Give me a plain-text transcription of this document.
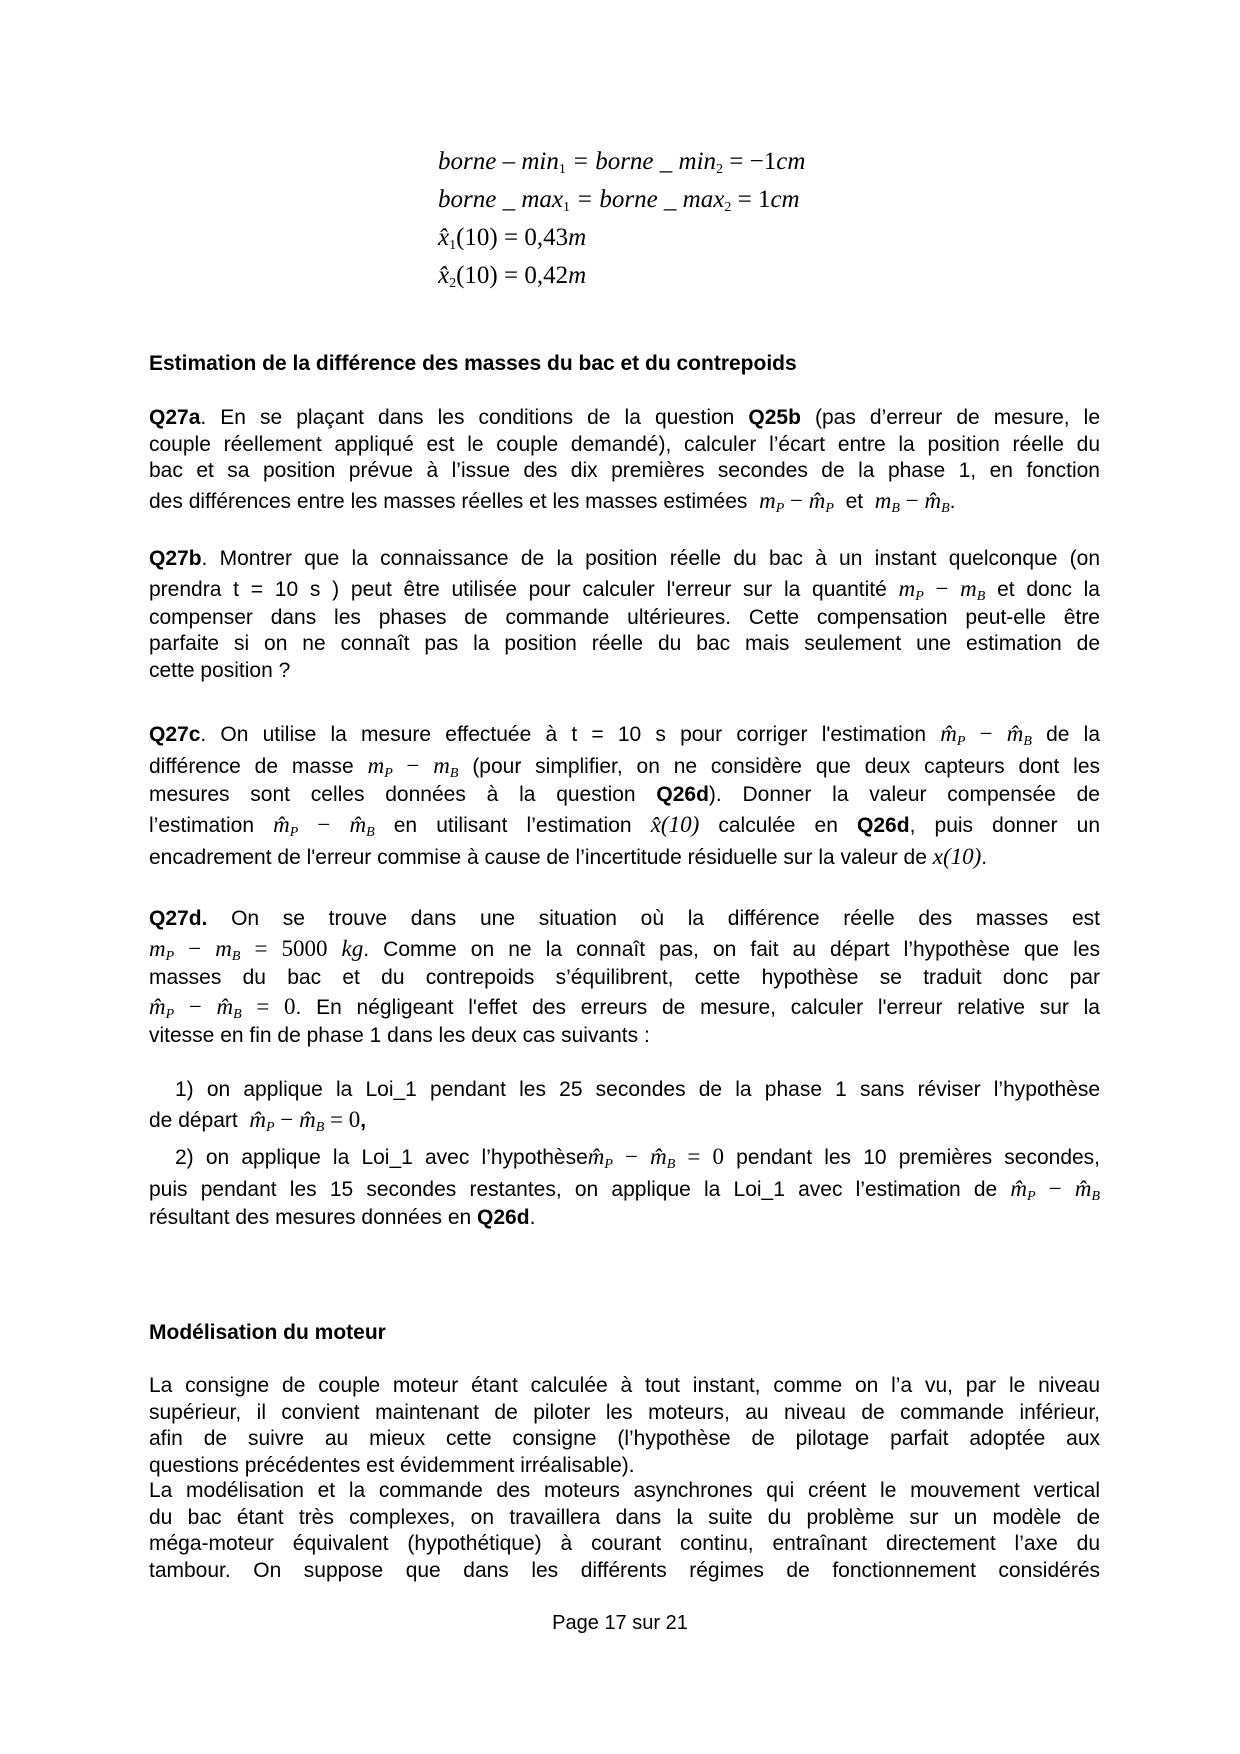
borne – $\min_1$ = borne _ $\min_2 = -1cm$
borne _ $\max_1$ = borne _ $\max_2 = 1cm$
$x̂_1(10) = 0,43m$
$x̂_2(10) = 0,42m$
Estimation de la différence des masses du bac et du contrepoids
Q27a. En se plaçant dans les conditions de la question Q25b (pas d’erreur de mesure, le
couple réellement appliqué est le couple demandé), calculer l’écart entre la position réelle du
bac et sa position prévue à l’issue des dix premières secondes de la phase 1, en fonction
des différences entre les masses réelles et les masses estimées $m_P$ − $m̂_P$ et $m_B$ − $m̂_B$.
Q27b. Montrer que la connaissance de la position réelle du bac à un instant quelconque (on
prendra t = 10 s ) peut être utilisée pour calculer l'erreur sur la quantité $m_P - m_B$ et donc la
compenser dans les phases de commande ultérieures. Cette compensation peut-elle être
parfaite si on ne connaît pas la position réelle du bac mais seulement une estimation de
cette position ?
Q27c. On utilise la mesure effectuée à t = 10 s pour corriger l'estimation $m̂_P$ − $m̂_B$ de la
différence de masse $m_P - m_B$ (pour simplifier, on ne considère que deux capteurs dont les
mesures sont celles données à la question Q26d). Donner la valeur compensée de
l’estimation $m̂_P$ − $m̂_B$ en utilisant l’estimation x̂(10) calculée en Q26d, puis donner un
encadrement de l'erreur commise à cause de l’incertitude résiduelle sur la valeur de x(10).
Q27d. On se trouve dans une situation où la différence réelle des masses est
$m_P - m_B = 5000$ kg. Comme on ne la connaît pas, on fait au départ l’hypothèse que les
masses du bac et du contrepoids s’équilibrent, cette hypothèse se traduit donc par
$m̂_P$ − $m̂_B = 0$. En négligeant l'effet des erreurs de mesure, calculer l'erreur relative sur la
vitesse en fin de phase 1 dans les deux cas suivants :
1) on applique la Loi_1 pendant les 25 secondes de la phase 1 sans réviser l’hypothèse
de départ $m̂_P$ − $m̂_B = 0$,
2) on applique la Loi_1 avec $l’hypothèsem̂_P$ − $m̂_B = 0$ pendant les 10 premières secondes,
puis pendant les 15 secondes restantes, on applique la Loi_1 avec l’estimation de $m̂_P$ − $m̂_B$
résultant des mesures données en Q26d.
Modélisation du moteur
La consigne de couple moteur étant calculée à tout instant, comme on l’a vu, par le niveau
supérieur, il convient maintenant de piloter les moteurs, au niveau de commande inférieur,
afin de suivre au mieux cette consigne (l’hypothèse de pilotage parfait adoptée aux
questions précédentes est évidemment irréalisable).
La modélisation et la commande des moteurs asynchrones qui créent le mouvement vertical
du bac étant très complexes, on travaillera dans la suite du problème sur un modèle de
méga-moteur équivalent (hypothétique) à courant continu, entraînant directement l’axe du
tambour. On suppose que dans les différents régimes de fonctionnement considérés
Page 17 sur 21
